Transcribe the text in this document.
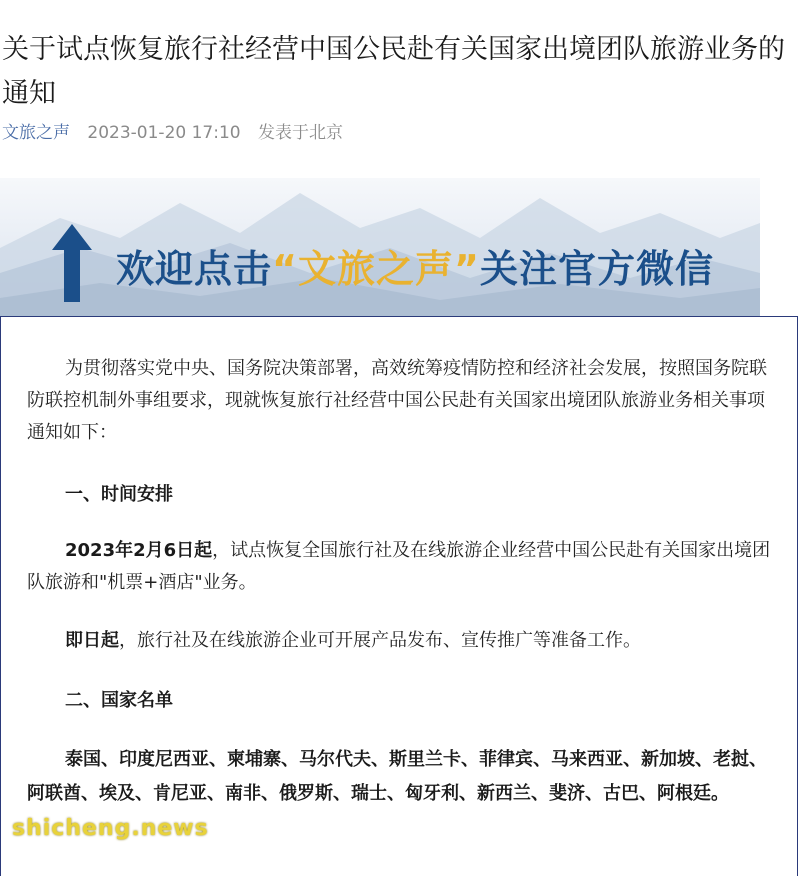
关于试点恢复旅行社经营中国公民赴有关国家出境团队旅游业务的通知
文旅之声 2023-01-20 17:10 发表于北京
欢迎点击“文旅之声”关注官方微信

为贯彻落实党中央、国务院决策部署，高效统筹疫情防控和经济社会发展，按照国务院联防联控机制外事组要求，现就恢复旅行社经营中国公民赴有关国家出境团队旅游业务相关事项通知如下：

一、时间安排

2023年2月6日起，试点恢复全国旅行社及在线旅游企业经营中国公民赴有关国家出境团队旅游和"机票+酒店"业务。

即日起，旅行社及在线旅游企业可开展产品发布、宣传推广等准备工作。

二、国家名单

泰国、印度尼西亚、柬埔寨、马尔代夫、斯里兰卡、菲律宾、马来西亚、新加坡、老挝、阿联酋、埃及、肯尼亚、南非、俄罗斯、瑞士、匈牙利、新西兰、斐济、古巴、阿根廷。

shicheng.news
